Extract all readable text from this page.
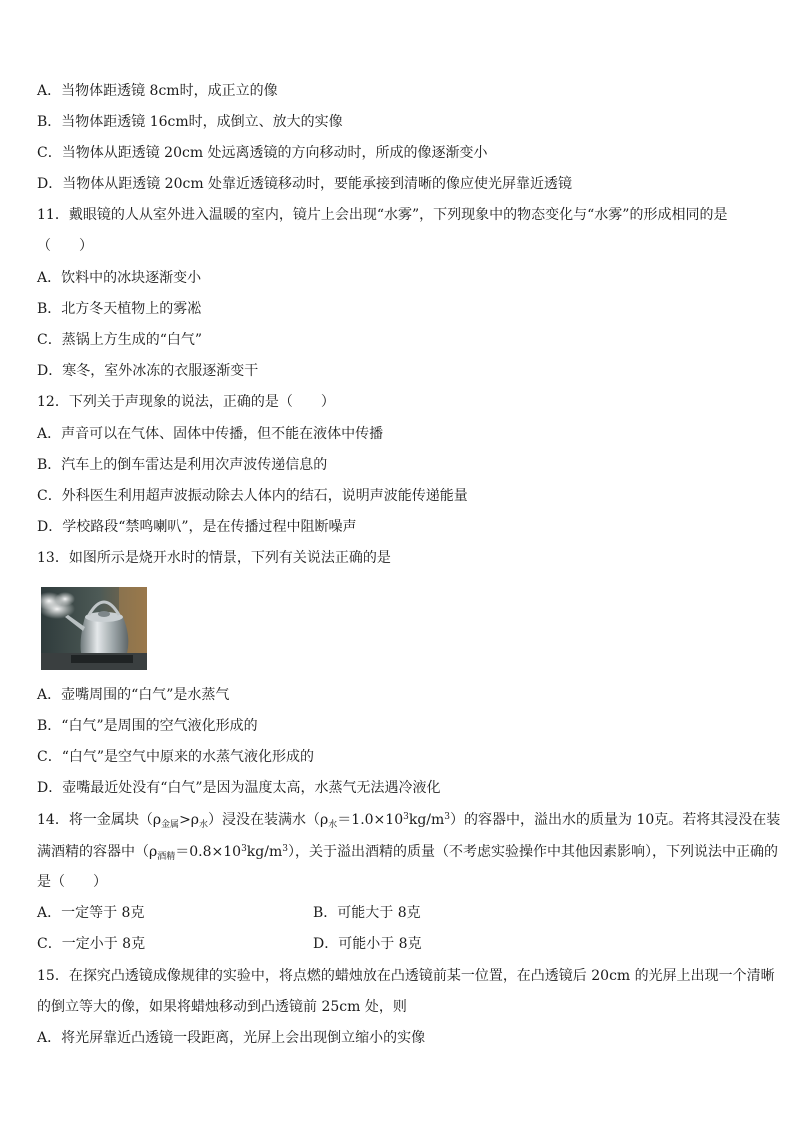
A．当物体距透镜 8cm时，成正立的像
B．当物体距透镜 16cm时，成倒立、放大的实像
C．当物体从距透镜 20cm 处远离透镜的方向移动时，所成的像逐渐变小
D．当物体从距透镜 20cm 处靠近透镜移动时，要能承接到清晰的像应使光屏靠近透镜
11．戴眼镜的人从室外进入温暖的室内，镜片上会出现“水雾”，下列现象中的物态变化与“水雾”的形成相同的是
（　　）
A．饮料中的冰块逐渐变小
B．北方冬天植物上的雾凇
C．蒸锅上方生成的“白气”
D．寒冬，室外冰冻的衣服逐渐变干
12．下列关于声现象的说法，正确的是（　　）
A．声音可以在气体、固体中传播，但不能在液体中传播
B．汽车上的倒车雷达是利用次声波传递信息的
C．外科医生利用超声波振动除去人体内的结石，说明声波能传递能量
D．学校路段“禁鸣喇叭”，是在传播过程中阻断噪声
13．如图所示是烧开水时的情景，下列有关说法正确的是
A．壶嘴周围的“白气”是水蒸气
B．“白气”是周围的空气液化形成的
C．“白气”是空气中原来的水蒸气液化形成的
D．壶嘴最近处没有“白气”是因为温度太高，水蒸气无法遇冷液化
14．将一金属块$(\rho_{金属}>\rho_水)$浸没在装满水$(\rho_水=1.0\times 10^3kg/m^3)$的容器中，溢出水的质量为 10克。若将其浸没在装
满酒精的容器中$(\rho_{酒精}=0.8\times 10^3kg/m^3)$，关于溢出酒精的质量（不考虑实验操作中其他因素影响），下列说法中正确的
是（　　）
A．一定等于 8克	B．可能大于 8克
C．一定小于 8克	D．可能小于 8克
15．在探究凸透镜成像规律的实验中，将点燃的蜡烛放在凸透镜前某一位置，在凸透镜后 20cm 的光屏上出现一个清晰
的倒立等大的像，如果将蜡烛移动到凸透镜前 25cm 处，则
A．将光屏靠近凸透镜一段距离，光屏上会出现倒立缩小的实像
